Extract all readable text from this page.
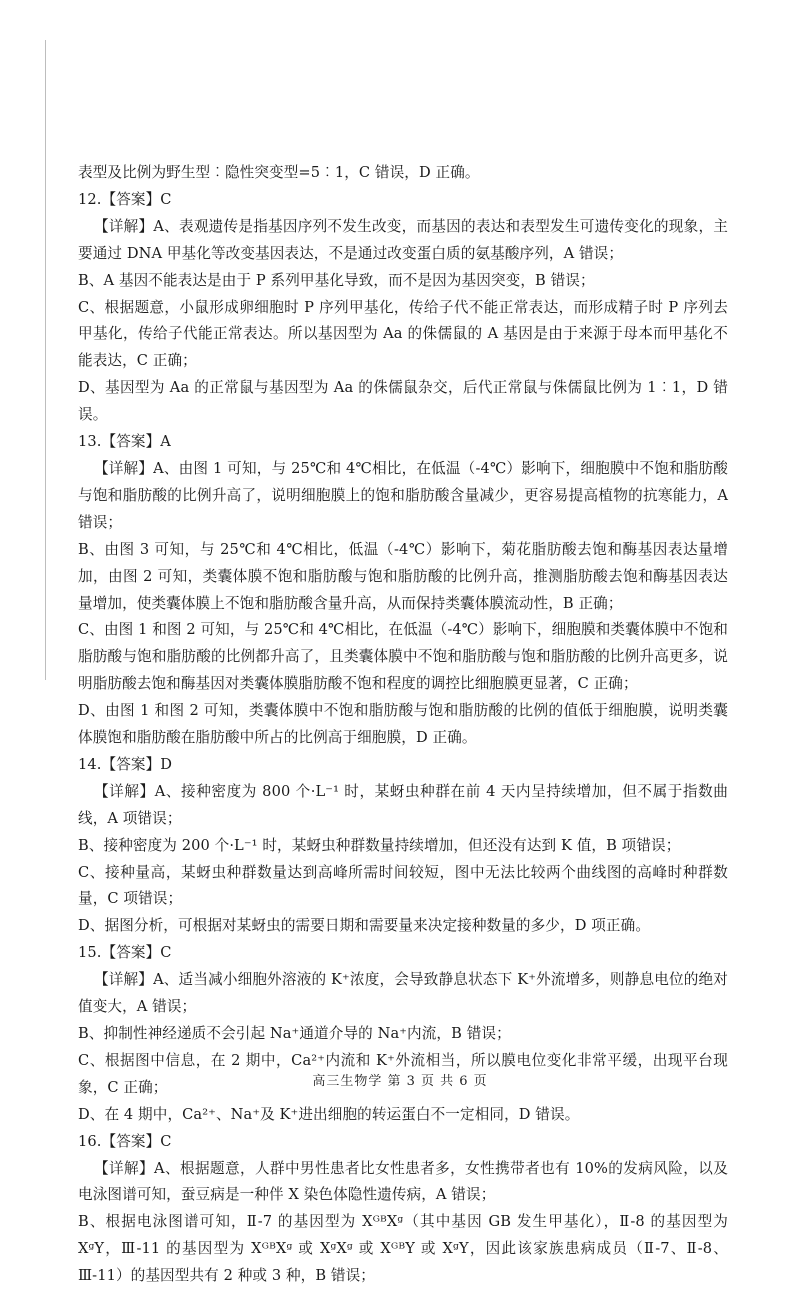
表型及比例为野生型︰隐性突变型=5︰1，C 错误，D 正确。

12.【答案】C

【详解】A、表观遗传是指基因序列不发生改变，而基因的表达和表型发生可遗传变化的现象，主要通过 DNA 甲基化等改变基因表达，不是通过改变蛋白质的氨基酸序列，A 错误；

B、A 基因不能表达是由于 P 系列甲基化导致，而不是因为基因突变，B 错误；

C、根据题意，小鼠形成卵细胞时 P 序列甲基化，传给子代不能正常表达，而形成精子时 P 序列去甲基化，传给子代能正常表达。所以基因型为 Aa 的侏儒鼠的 A 基因是由于来源于母本而甲基化不能表达，C 正确；

D、基因型为 Aa 的正常鼠与基因型为 Aa 的侏儒鼠杂交，后代正常鼠与侏儒鼠比例为 1︰1，D 错误。

13.【答案】A

【详解】A、由图 1 可知，与 25℃和 4℃相比，在低温（-4℃）影响下，细胞膜中不饱和脂肪酸与饱和脂肪酸的比例升高了，说明细胞膜上的饱和脂肪酸含量减少，更容易提高植物的抗寒能力，A 错误；

B、由图 3 可知，与 25℃和 4℃相比，低温（-4℃）影响下，菊花脂肪酸去饱和酶基因表达量增加，由图 2 可知，类囊体膜不饱和脂肪酸与饱和脂肪酸的比例升高，推测脂肪酸去饱和酶基因表达量增加，使类囊体膜上不饱和脂肪酸含量升高，从而保持类囊体膜流动性，B 正确；

C、由图 1 和图 2 可知，与 25℃和 4℃相比，在低温（-4℃）影响下，细胞膜和类囊体膜中不饱和脂肪酸与饱和脂肪酸的比例都升高了，且类囊体膜中不饱和脂肪酸与饱和脂肪酸的比例升高更多，说明脂肪酸去饱和酶基因对类囊体膜脂肪酸不饱和程度的调控比细胞膜更显著，C 正确；

D、由图 1 和图 2 可知，类囊体膜中不饱和脂肪酸与饱和脂肪酸的比例的值低于细胞膜，说明类囊体膜饱和脂肪酸在脂肪酸中所占的比例高于细胞膜，D 正确。

14.【答案】D

【详解】A、接种密度为 800 个·L⁻¹ 时，某蚜虫种群在前 4 天内呈持续增加，但不属于指数曲线，A 项错误；

B、接种密度为 200 个·L⁻¹ 时，某蚜虫种群数量持续增加，但还没有达到 K 值，B 项错误；

C、接种量高，某蚜虫种群数量达到高峰所需时间较短，图中无法比较两个曲线图的高峰时种群数量，C 项错误；

D、据图分析，可根据对某蚜虫的需要日期和需要量来决定接种数量的多少，D 项正确。

15.【答案】C

【详解】A、适当减小细胞外溶液的 K⁺浓度，会导致静息状态下 K⁺外流增多，则静息电位的绝对值变大，A 错误；

B、抑制性神经递质不会引起 Na⁺通道介导的 Na⁺内流，B 错误；

C、根据图中信息，在 2 期中，Ca²⁺内流和 K⁺外流相当，所以膜电位变化非常平缓，出现平台现象，C 正确；

D、在 4 期中，Ca²⁺、Na⁺及 K⁺进出细胞的转运蛋白不一定相同，D 错误。

16.【答案】C

【详解】A、根据题意，人群中男性患者比女性患者多，女性携带者也有 10%的发病风险，以及电泳图谱可知，蚕豆病是一种伴 X 染色体隐性遗传病，A 错误；

B、根据电泳图谱可知，Ⅱ-7 的基因型为 XᴳᴮXᵍ（其中基因 GB 发生甲基化），Ⅱ-8 的基因型为 XᵍY，Ⅲ-11 的基因型为 XᴳᴮXᵍ 或 XᵍXᵍ 或 XᴳᴮY 或 XᵍY，因此该家族患病成员（Ⅱ-7、Ⅱ-8、Ⅲ-11）的基因型共有 2 种或 3 种，B 错误；

高三生物学 第 3 页 共 6 页
